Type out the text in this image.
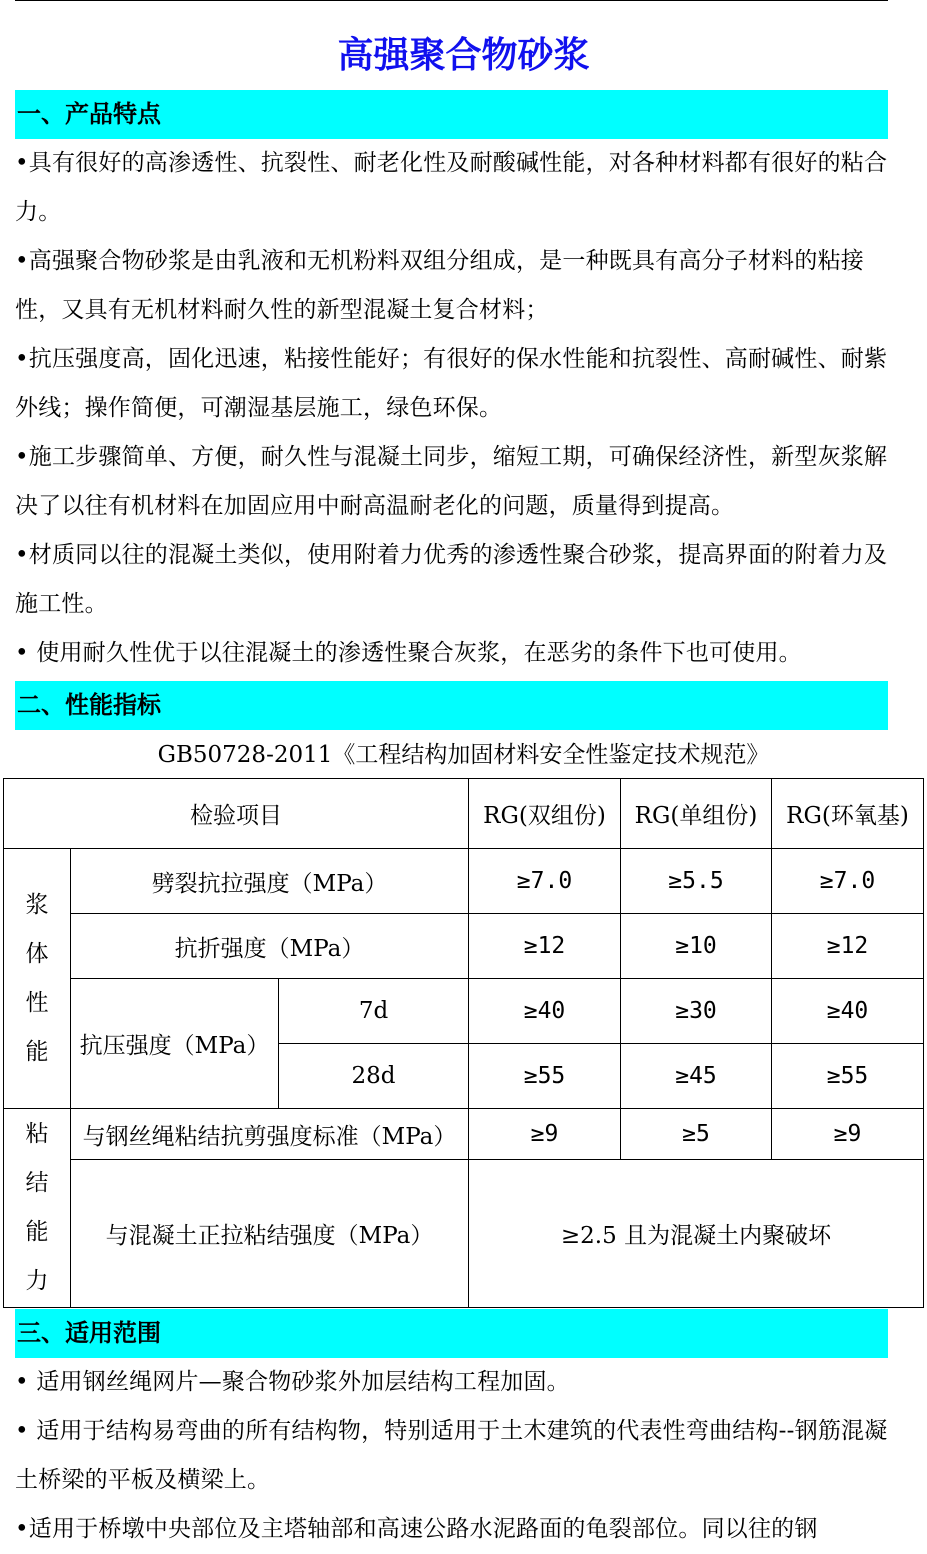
高强聚合物砂浆
一、产品特点

•具有很好的高渗透性、抗裂性、耐老化性及耐酸碱性能，对各种材料都有很好的粘合力。

•高强聚合物砂浆是由乳液和无机粉料双组分组成，是一种既具有高分子材料的粘接性，又具有无机材料耐久性的新型混凝土复合材料；

•抗压强度高，固化迅速，粘接性能好；有很好的保水性能和抗裂性、高耐碱性、耐紫外线；操作简便，可潮湿基层施工，绿色环保。

•施工步骤简单、方便，耐久性与混凝土同步，缩短工期，可确保经济性，新型灰浆解决了以往有机材料在加固应用中耐高温耐老化的问题，质量得到提高。

•材质同以往的混凝土类似，使用附着力优秀的渗透性聚合砂浆，提高界面的附着力及施工性。

• 使用耐久性优于以往混凝土的渗透性聚合灰浆，在恶劣的条件下也可使用。

二、性能指标
GB50728-2011《工程结构加固材料安全性鉴定技术规范》
检验项目			RG(双组份)	RG(单组份)	RG(环氧基)

浆
体
性
能	劈裂抗拉强度（MPa）		≥7.0	≥5.5	≥7.0
	抗折强度（MPa）		≥12	≥10	≥12
	抗压强度（MPa）	7d	≥40	≥30	≥40
		28d	≥55	≥45	≥55

粘
结
能
力	与钢丝绳粘结抗剪强度标准（MPa）		≥9	≥5	≥9
	与混凝土正拉粘结强度（MPa）		≥2.5 且为混凝土内聚破坏		
三、适用范围

• 适用钢丝绳网片—聚合物砂浆外加层结构工程加固。

• 适用于结构易弯曲的所有结构物，特别适用于土木建筑的代表性弯曲结构--钢筋混凝土桥梁的平板及横梁上。

•适用于桥墩中央部位及主塔轴部和高速公路水泥路面的龟裂部位。同以往的钢
